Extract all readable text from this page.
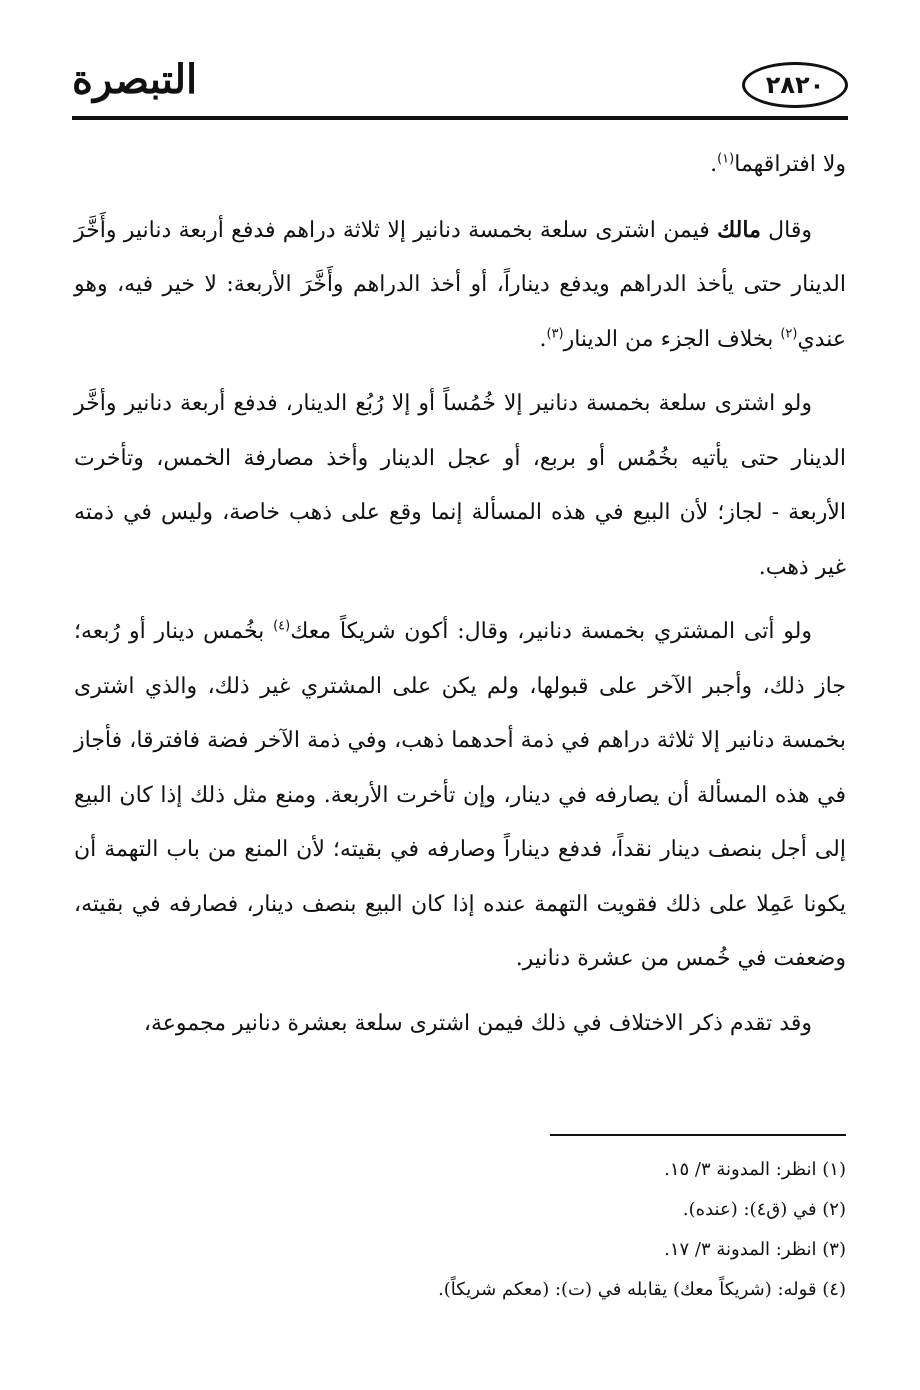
التبصرة	٢٨٢٠

ولا افتراقهما$^{(١)}$.

وقال مالك فيمن اشترى سلعة بخمسة دنانير إلا ثلاثة دراهم فدفع أربعة دنانير وأَخَّرَ الدينار حتى يأخذ الدراهم ويدفع ديناراً، أو أخذ الدراهم وأَخَّرَ الأربعة: لا خير فيه، وهو عندي$^{(٢)}$ بخلاف الجزء من الدينار$^{(٣)}$.

ولو اشترى سلعة بخمسة دنانير إلا خُمُساً أو إلا رُبُع الدينار، فدفع أربعة دنانير وأخَّر الدينار حتى يأتيه بخُمُس أو بربع، أو عجل الدينار وأخذ مصارفة الخمس، وتأخرت الأربعة - لجاز؛ لأن البيع في هذه المسألة إنما وقع على ذهب خاصة، وليس في ذمته غير ذهب.

ولو أتى المشتري بخمسة دنانير، وقال: أكون شريكاً معك$^{(٤)}$ بخُمس دينار أو رُبعه؛ جاز ذلك، وأجبر الآخر على قبولها، ولم يكن على المشتري غير ذلك، والذي اشترى بخمسة دنانير إلا ثلاثة دراهم في ذمة أحدهما ذهب، وفي ذمة الآخر فضة فافترقا، فأجاز في هذه المسألة أن يصارفه في دينار، وإن تأخرت الأربعة. ومنع مثل ذلك إذا كان البيع إلى أجل بنصف دينار نقداً، فدفع ديناراً وصارفه في بقيته؛ لأن المنع من باب التهمة أن يكونا عَمِلا على ذلك فقويت التهمة عنده إذا كان البيع بنصف دينار، فصارفه في بقيته، وضعفت في خُمس من عشرة دنانير.

وقد تقدم ذكر الاختلاف في ذلك فيمن اشترى سلعة بعشرة دنانير مجموعة،

(١) انظر: المدونة ٣/ ١٥.

(٢) في (ق٤): (عنده).

(٣) انظر: المدونة ٣/ ١٧.

(٤) قوله: (شريكاً معك) يقابله في (ت): (معكم شريكاً).
